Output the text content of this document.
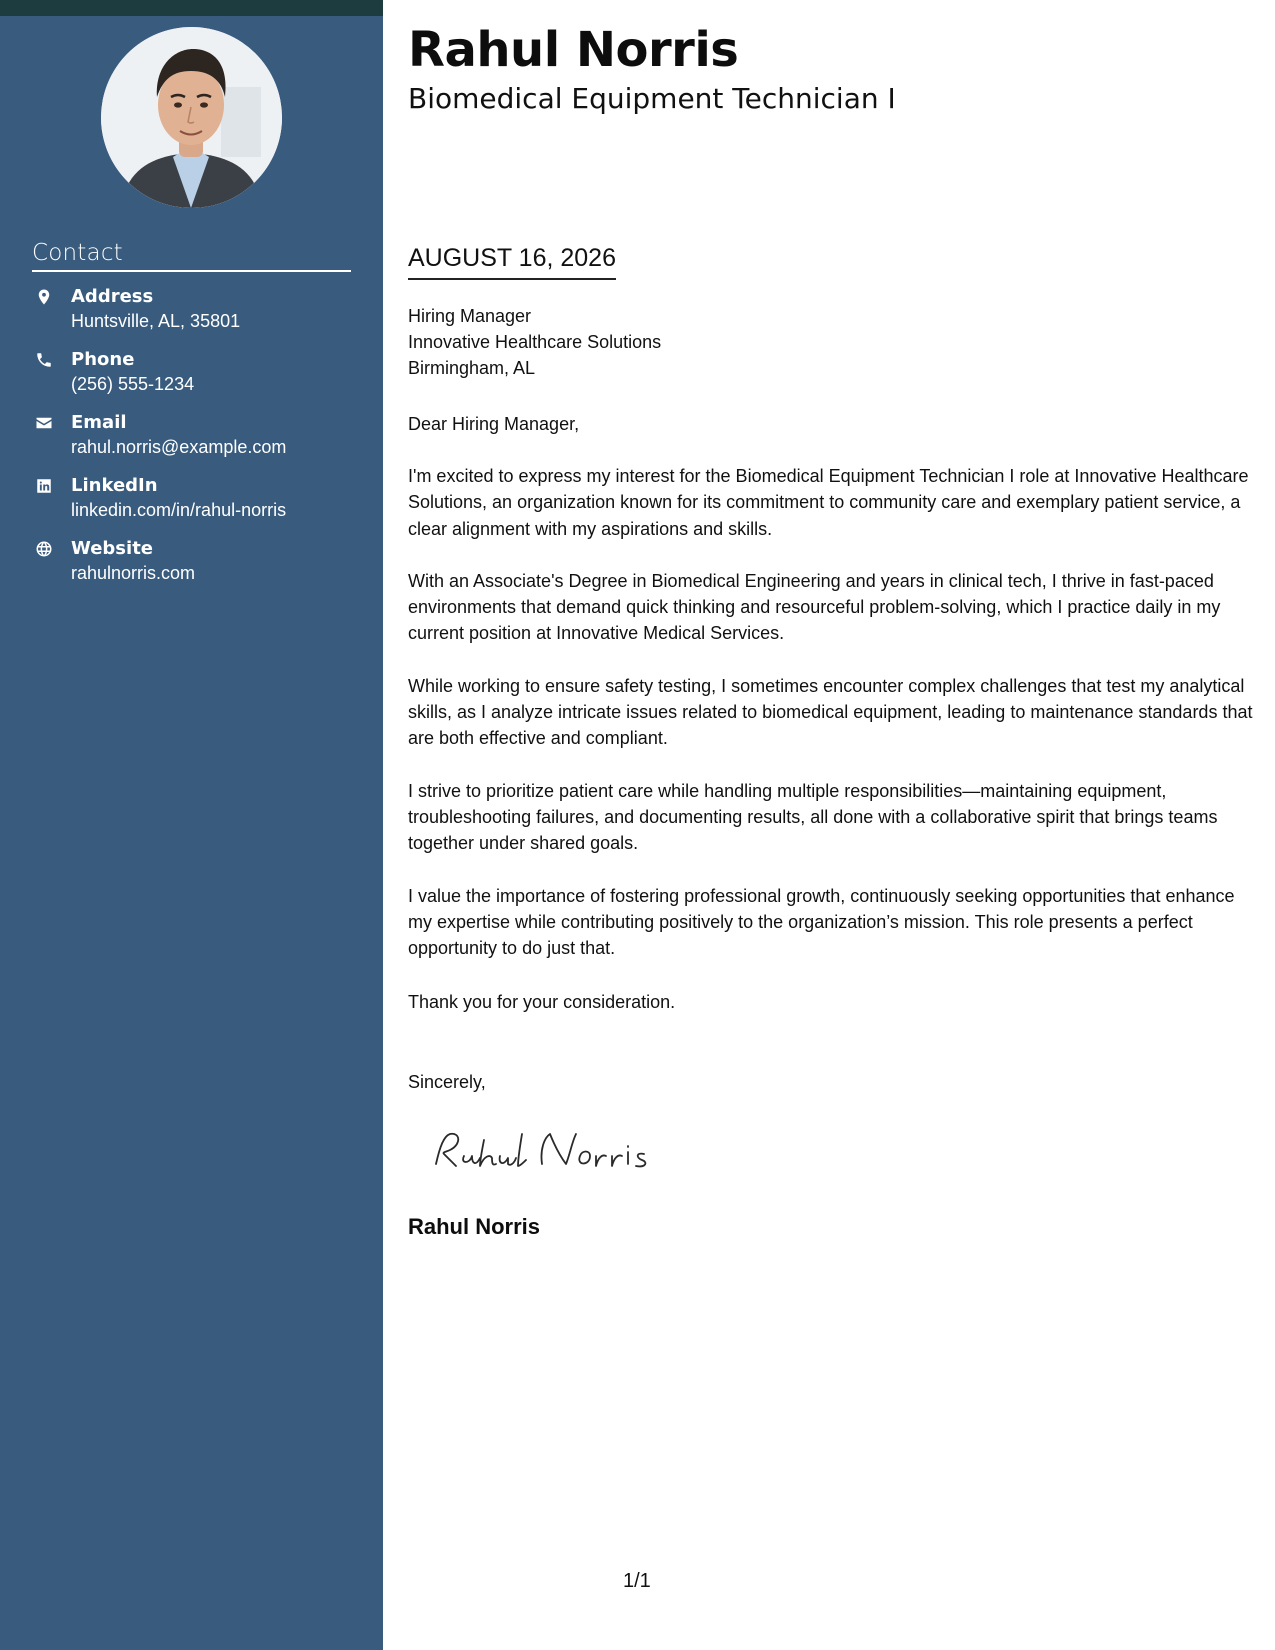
Contact
Address
Huntsville, AL, 35801
Phone
(256) 555-1234
Email
rahul.norris@example.com
LinkedIn
linkedin.com/in/rahul-norris
Website
rahulnorris.com
Rahul Norris
Biomedical Equipment Technician I
AUGUST 16, 2026
Hiring Manager
Innovative Healthcare Solutions
Birmingham, AL
Dear Hiring Manager,

I'm excited to express my interest for the Biomedical Equipment Technician I role at Innovative Healthcare Solutions, an organization known for its commitment to community care and exemplary patient service, a clear alignment with my aspirations and skills.

With an Associate's Degree in Biomedical Engineering and years in clinical tech, I thrive in fast-paced environments that demand quick thinking and resourceful problem-solving, which I practice daily in my current position at Innovative Medical Services.

While working to ensure safety testing, I sometimes encounter complex challenges that test my analytical skills, as I analyze intricate issues related to biomedical equipment, leading to maintenance standards that are both effective and compliant.

I strive to prioritize patient care while handling multiple responsibilities—maintaining equipment, troubleshooting failures, and documenting results, all done with a collaborative spirit that brings teams together under shared goals.

I value the importance of fostering professional growth, continuously seeking opportunities that enhance my expertise while contributing positively to the organization’s mission. This role presents a perfect opportunity to do just that.

Thank you for your consideration.
Sincerely,
Rahul Norris
1/1
